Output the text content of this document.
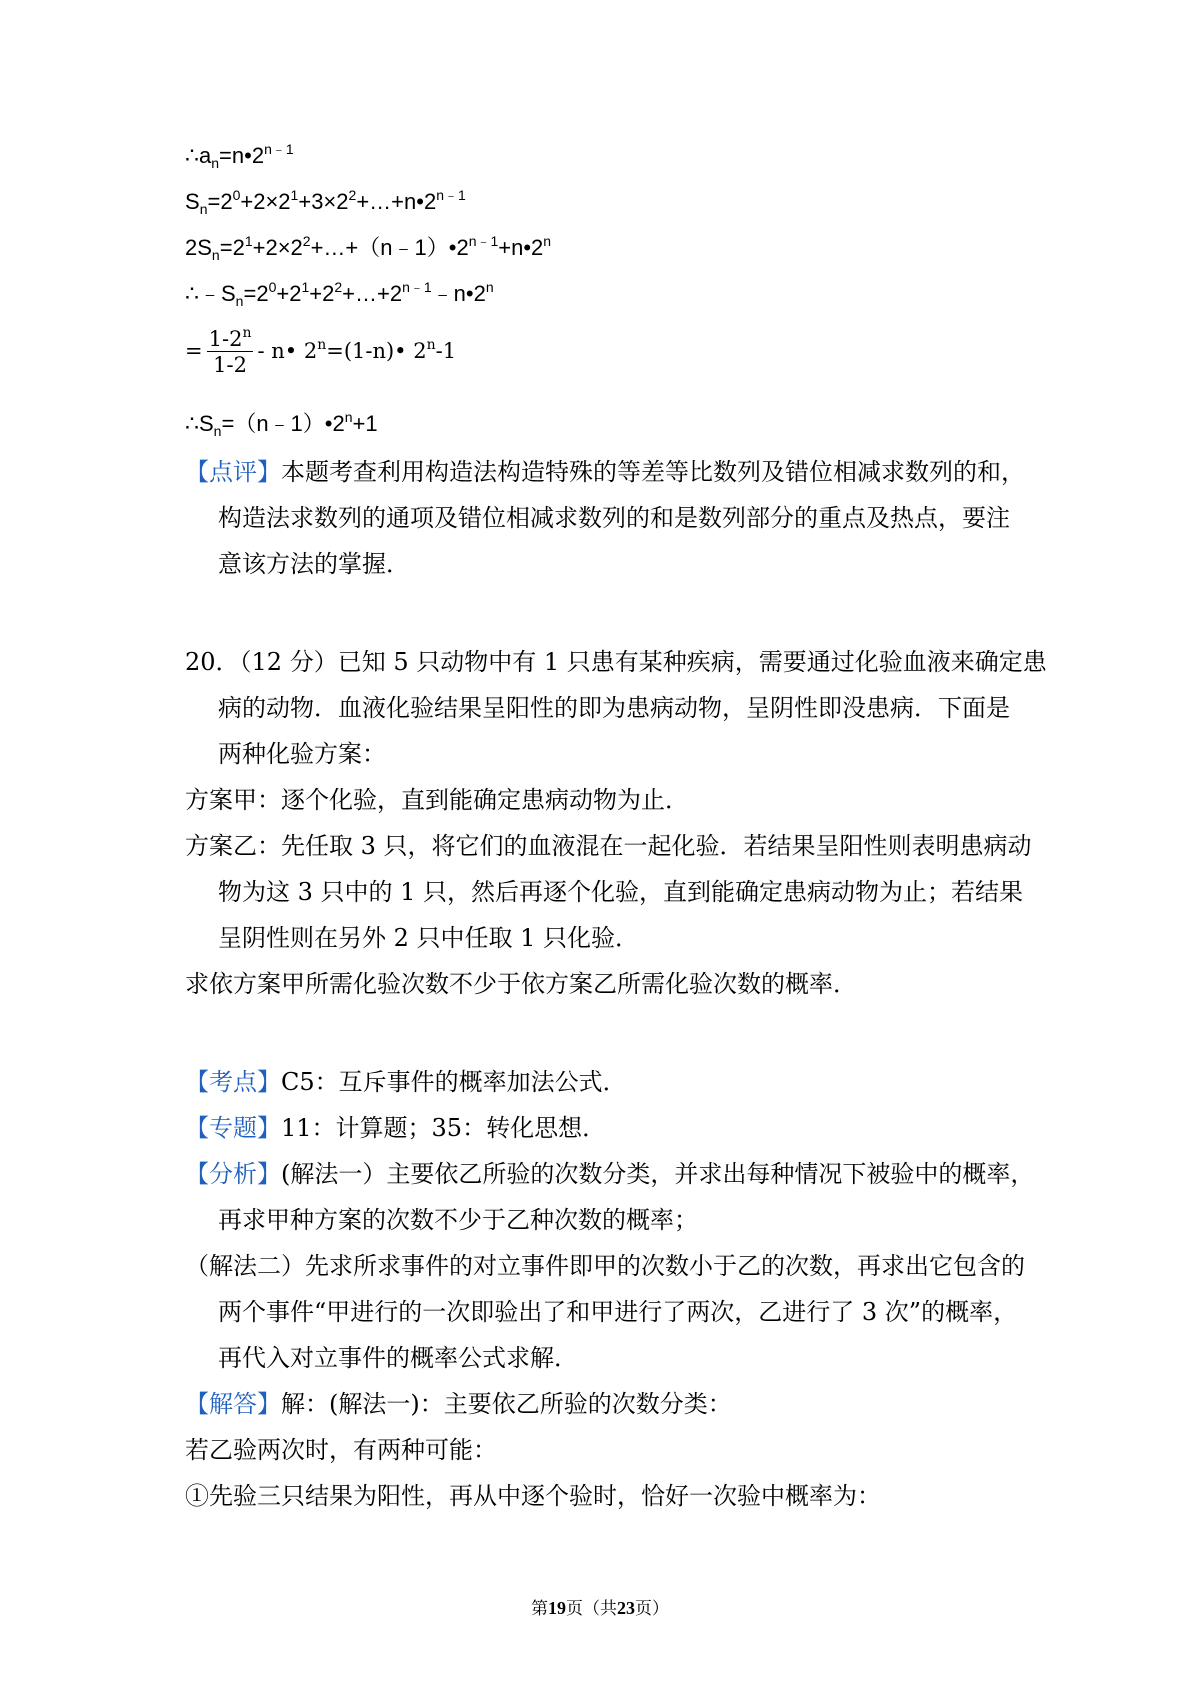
$\therefore a_n=n•2^{n﹣1}$
$S_n=2^0+2\times 2^1+3\times 2^2+\dots+n•2^{n﹣1}$
$2S_n=2^1+2\times 2^2+\dots+(n﹣1)•2^{n﹣1}+n•2^n$
$\therefore﹣S_n=2^0+2^1+2^2+\dots+2^{n﹣1}﹣n•2^n$
= $\frac{1-2^n}{1-2}$ - n• $2^n=(1-n)•$ 2$^n$-1
$\therefore S_n=(n﹣1)•2^n+1$
【点评】本题考查利用构造法构造特殊的等差等比数列及错位相减求数列的和，
构造法求数列的通项及错位相减求数列的和是数列部分的重点及热点，要注
意该方法的掌握．
20．（12 分）已知 5 只动物中有 1 只患有某种疾病，需要通过化验血液来确定患
病的动物．血液化验结果呈阳性的即为患病动物，呈阴性即没患病．下面是
两种化验方案：
方案甲：逐个化验，直到能确定患病动物为止．
方案乙：先任取 3 只，将它们的血液混在一起化验．若结果呈阳性则表明患病动
物为这 3 只中的 1 只，然后再逐个化验，直到能确定患病动物为止；若结果
呈阴性则在另外 2 只中任取 1 只化验．
求依方案甲所需化验次数不少于依方案乙所需化验次数的概率．
【考点】C5：互斥事件的概率加法公式．
【专题】11：计算题；35：转化思想．
【分析】(解法一）主要依乙所验的次数分类，并求出每种情况下被验中的概率，
再求甲种方案的次数不少于乙种次数的概率；
（解法二）先求所求事件的对立事件即甲的次数小于乙的次数，再求出它包含的
两个事件“甲进行的一次即验出了和甲进行了两次，乙进行了 3 次”的概率，
再代入对立事件的概率公式求解．
【解答】解：(解法一)：主要依乙所验的次数分类：
若乙验两次时，有两种可能：
①先验三只结果为阳性，再从中逐个验时，恰好一次验中概率为：
第19页（共23页）
